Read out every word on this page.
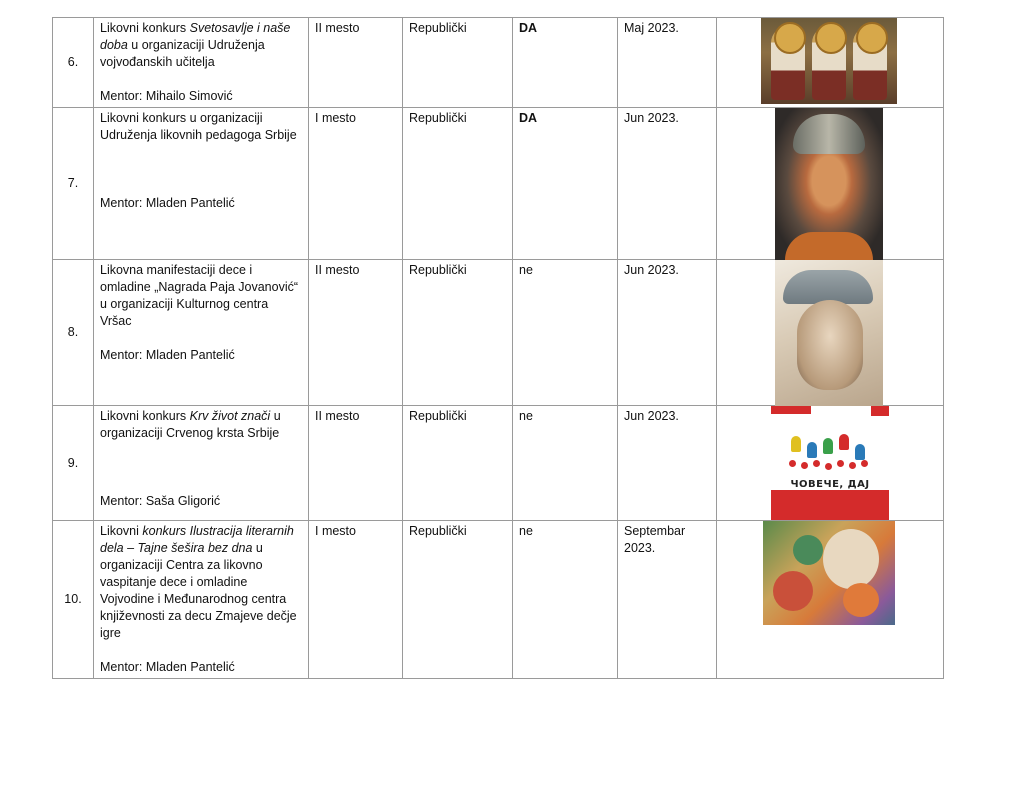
6.	Likovni konkurs Svetosavlje i naše doba u organizaciji Udruženja vojvođanskih učitelja
Mentor: Mihailo Simović	II mesto	Republički	DA	Maj 2023.	

7.	Likovni konkurs u organizaciji Udruženja likovnih pedagoga Srbije
Mentor: Mladen Pantelić	I mesto	Republički	DA	Jun 2023.	

8.	Likovna manifestaciji dece i omladine „Nagrada Paja Jovanović“ u organizaciji Kulturnog centra Vršac
Mentor: Mladen Pantelić	II mesto	Republički	ne	Jun 2023.	

9.	Likovni konkurs Krv život znači u organizaciji Crvenog krsta Srbije
Mentor: Saša Gligorić	II mesto	Republički	ne	Jun 2023.	ЧОВЕЧЕ, ДАЈ

10.	Likovni konkurs Ilustracija literarnih dela – Tajne šešira bez dna u organizaciji Centra za likovno vaspitanje dece i omladine Vojvodine i Međunarodnog centra književnosti za decu Zmajeve dečje igre
Mentor: Mladen Pantelić	I mesto	Republički	ne	Septembar 2023.	
